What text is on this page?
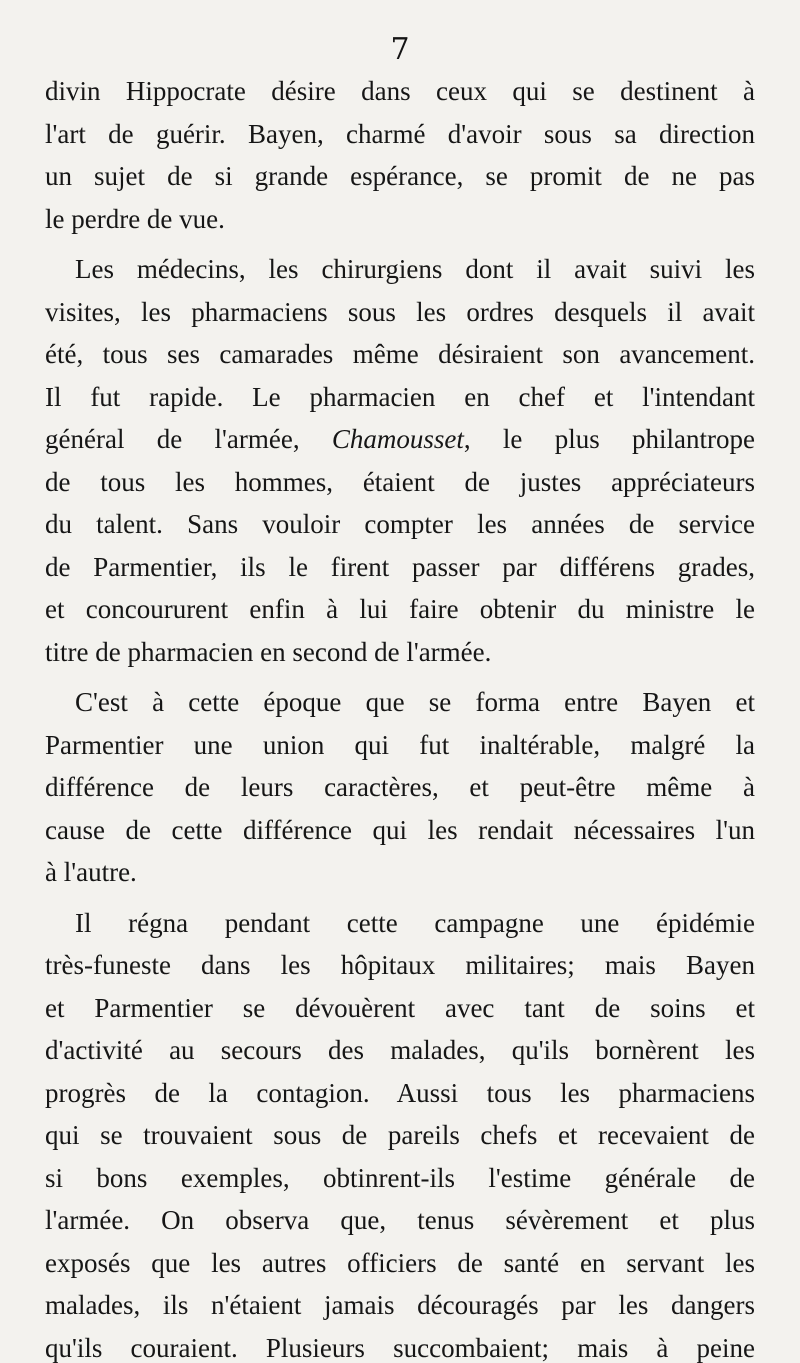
7
divin Hippocrate désire dans ceux qui se destinent à
l'art de guérir. Bayen, charmé d'avoir sous sa direction
un sujet de si grande espérance, se promit de ne pas
le perdre de vue.
Les médecins, les chirurgiens dont il avait suivi les
visites, les pharmaciens sous les ordres desquels il avait
été, tous ses camarades même désiraient son avancement.
Il fut rapide. Le pharmacien en chef et l'intendant
général de l'armée, Chamousset, le plus philantrope
de tous les hommes, étaient de justes appréciateurs
du talent. Sans vouloir compter les années de service
de Parmentier, ils le firent passer par différens grades,
et concoururent enfin à lui faire obtenir du ministre le
titre de pharmacien en second de l'armée.
C'est à cette époque que se forma entre Bayen et
Parmentier une union qui fut inaltérable, malgré la
différence de leurs caractères, et peut-être même à
cause de cette différence qui les rendait nécessaires l'un
à l'autre.
Il régna pendant cette campagne une épidémie
très-funeste dans les hôpitaux militaires; mais Bayen
et Parmentier se dévouèrent avec tant de soins et
d'activité au secours des malades, qu'ils bornèrent les
progrès de la contagion. Aussi tous les pharmaciens
qui se trouvaient sous de pareils chefs et recevaient de
si bons exemples, obtinrent-ils l'estime générale de
l'armée. On observa que, tenus sévèrement et plus
exposés que les autres officiers de santé en servant les
malades, ils n'étaient jamais découragés par les dangers
qu'ils couraient. Plusieurs succombaient; mais à peine
